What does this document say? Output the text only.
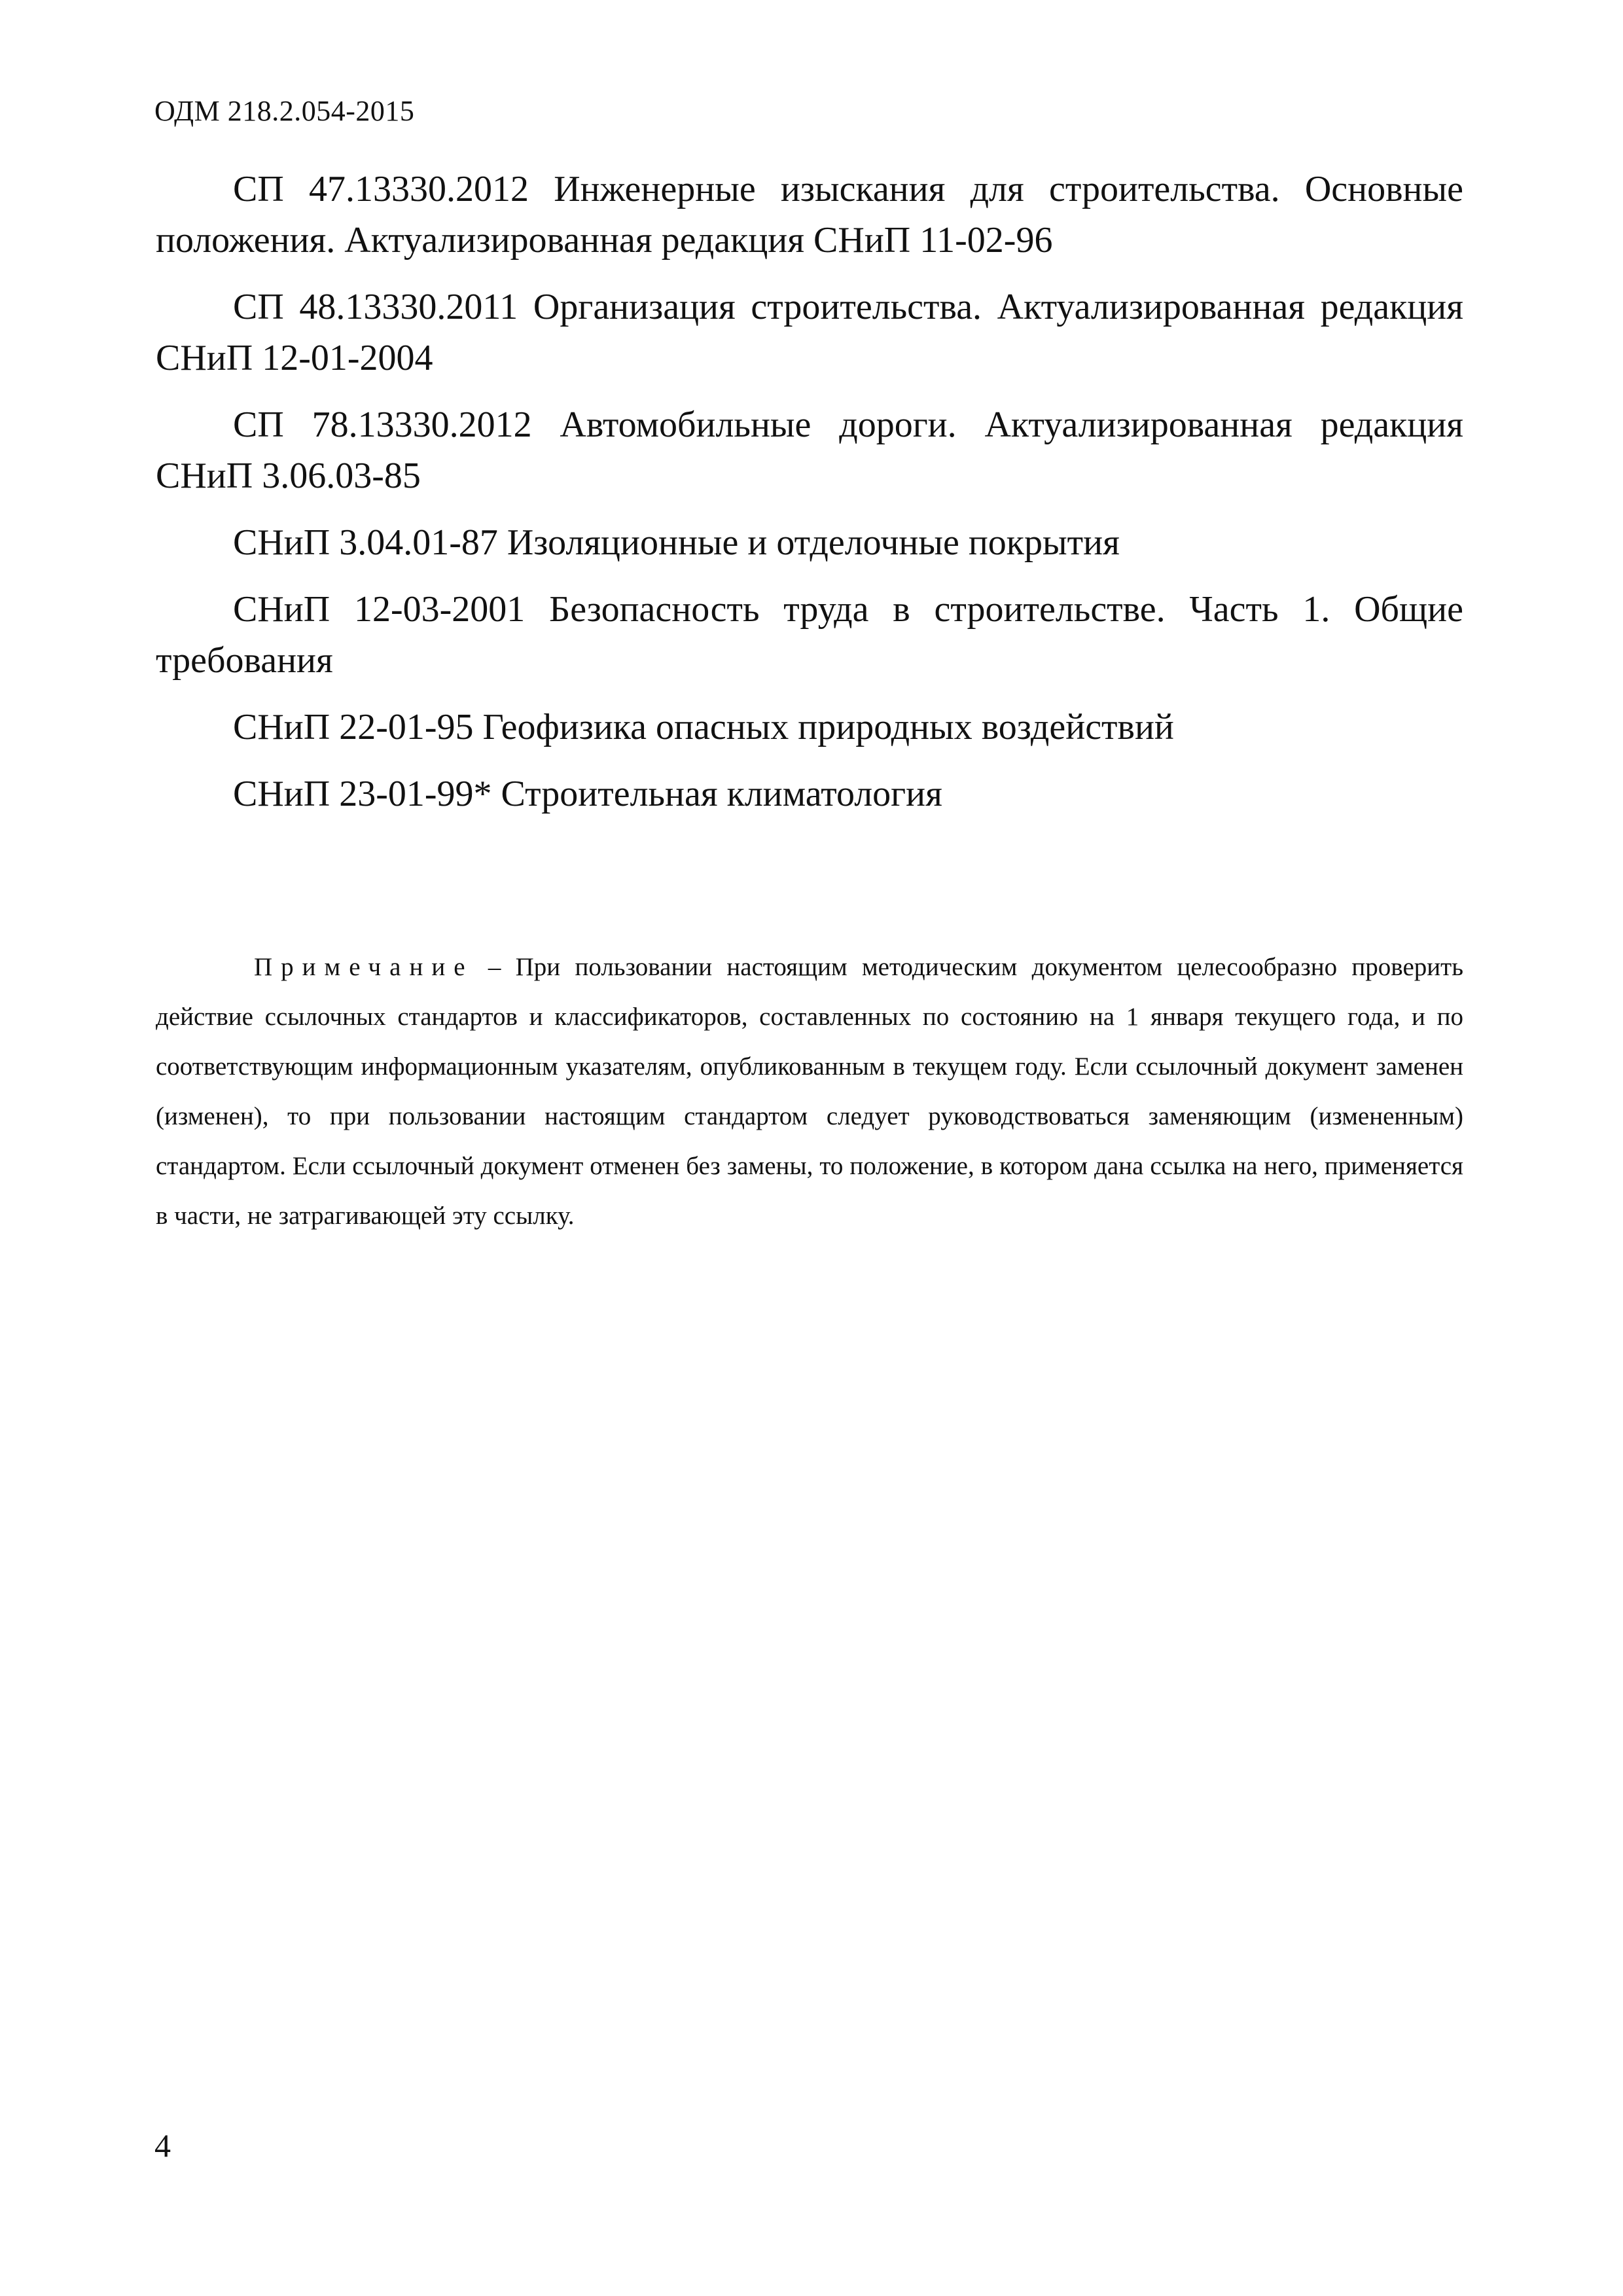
ОДМ 218.2.054-2015

СП 47.13330.2012 Инженерные изыскания для строительства. Основные положения. Актуализированная редакция СНиП 11-02-96

СП 48.13330.2011 Организация строительства. Актуализированная редакция СНиП 12-01-2004

СП 78.13330.2012 Автомобильные дороги. Актуализированная редакция СНиП 3.06.03-85

СНиП 3.04.01-87 Изоляционные и отделочные покрытия

СНиП 12-03-2001 Безопасность труда в строительстве. Часть 1. Общие требования

СНиП 22-01-95 Геофизика опасных природных воздействий

СНиП 23-01-99* Строительная климатология

Примечание – При пользовании настоящим методическим документом целесообразно проверить действие ссылочных стандартов и классификаторов, составленных по состоянию на 1 января текущего года, и по соответствующим информационным указателям, опубликованным в текущем году. Если ссылочный документ заменен (изменен), то при пользовании настоящим стандартом следует руководствоваться заменяющим (измененным) стандартом. Если ссылочный документ отменен без замены, то положение, в котором дана ссылка на него, применяется в части, не затрагивающей эту ссылку.
4
